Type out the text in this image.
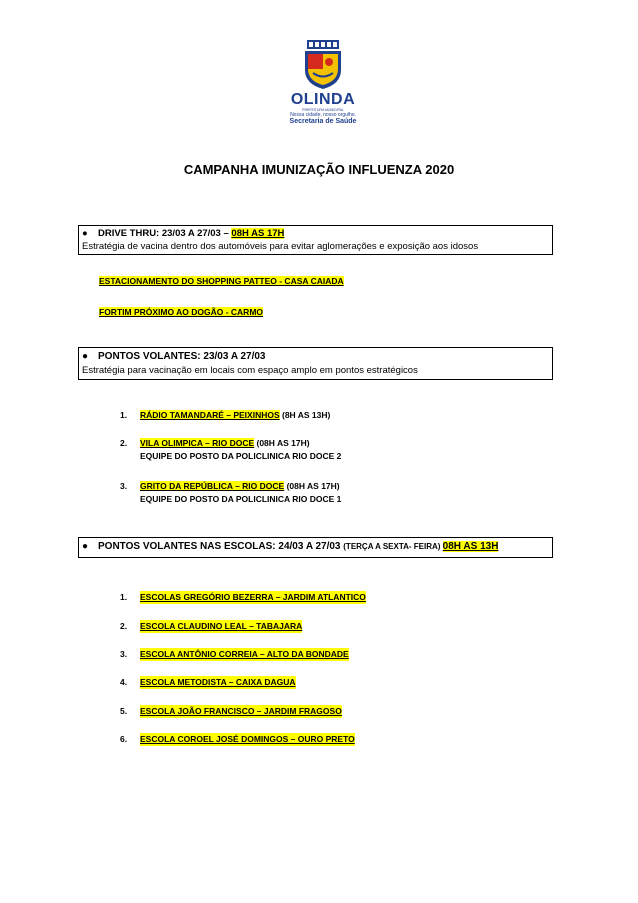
OLINDA
PREFEITURA MUNICIPAL
Nossa cidade, nosso orgulho.
Secretaria de Saúde
CAMPANHA IMUNIZAÇÃO INFLUENZA 2020
● DRIVE THRU: 23/03 A 27/03 – 08H AS 17H
Estratégia de vacina dentro dos automóveis para evitar aglomerações e exposição aos idosos
ESTACIONAMENTO DO SHOPPING PATTEO - CASA CAIADA
FORTIM PRÓXIMO AO DOGÃO - CARMO
● PONTOS VOLANTES: 23/03 A 27/03
Estratégia para vacinação em locais com espaço amplo em pontos estratégicos
1.	RÁDIO TAMANDARÉ – PEIXINHOS (8H AS 13H)
2.	VILA OLIMPICA – RIO DOCE (08H AS 17H)
EQUIPE DO POSTO DA POLICLINICA RIO DOCE 2
3.	GRITO DA REPÚBLICA – RIO DOCE (08H AS 17H)
EQUIPE DO POSTO DA POLICLINICA RIO DOCE 1
● PONTOS VOLANTES NAS ESCOLAS: 24/03 A 27/03 (TERÇA A SEXTA- FEIRA) 08H AS 13H
1.	ESCOLAS GREGÓRIO BEZERRA – JARDIM ATLANTICO
2.	ESCOLA CLAUDINO LEAL – TABAJARA
3.	ESCOLA ANTÔNIO CORREIA – ALTO DA BONDADE
4.	ESCOLA METODISTA – CAIXA DAGUA
5.	ESCOLA JOÃO FRANCISCO – JARDIM FRAGOSO
6.	ESCOLA COROEL JOSÉ DOMINGOS – OURO PRETO
